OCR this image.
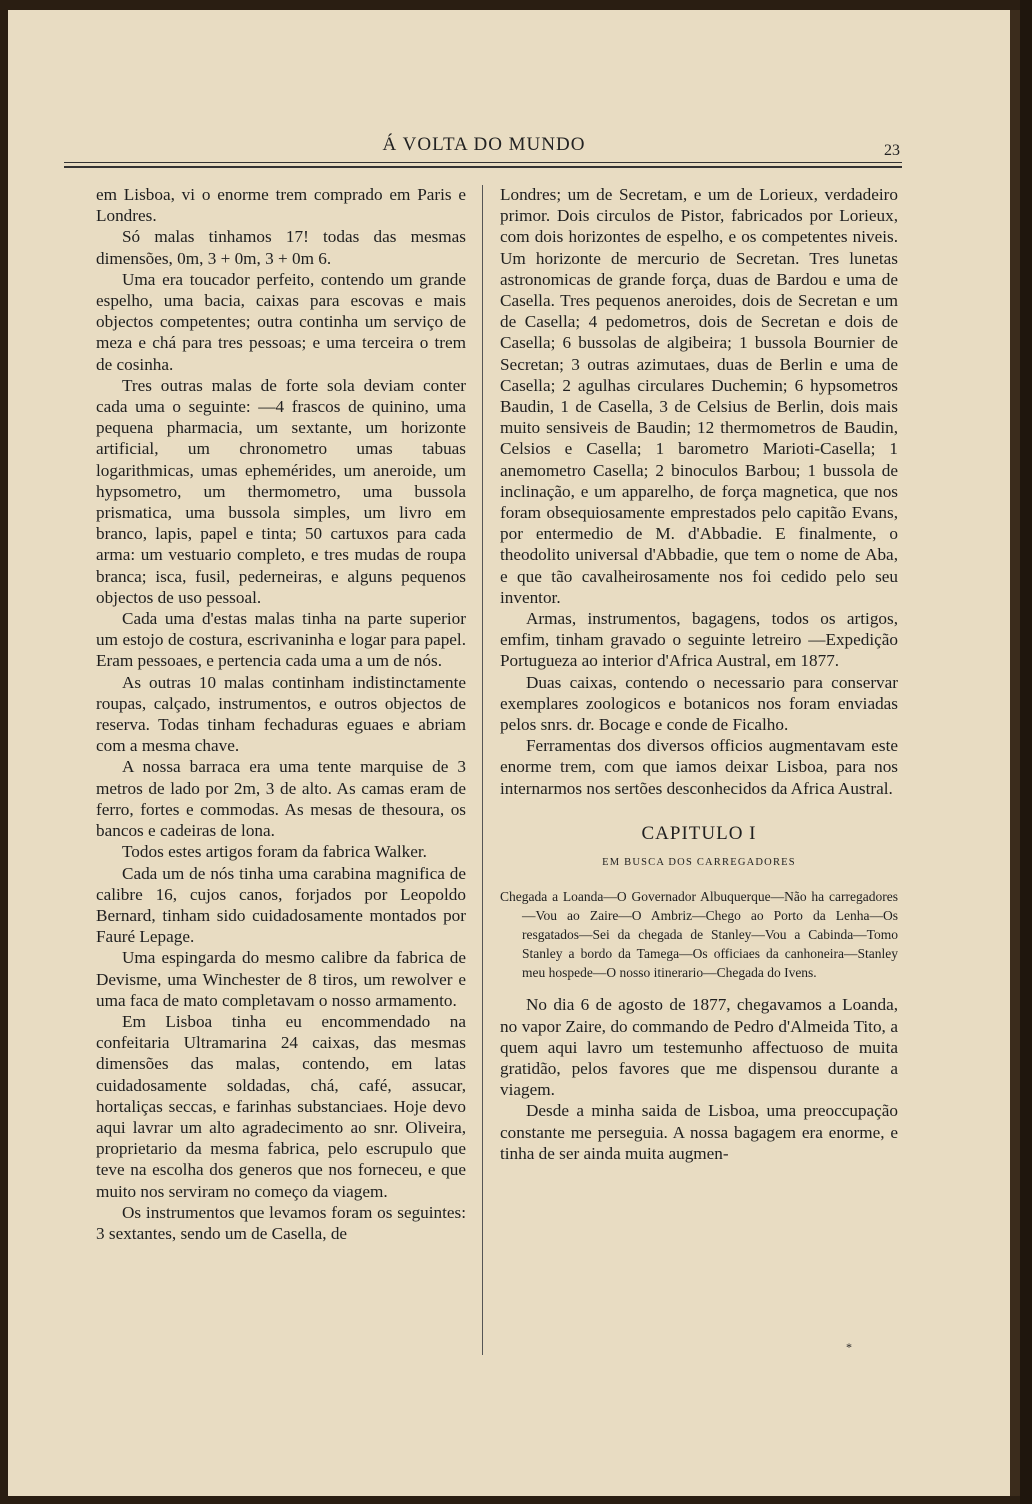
Á VOLTA DO MUNDO	23

em Lisboa, vi o enorme trem comprado em Paris e Londres.

Só malas tinhamos 17! todas das mesmas dimensões, 0m, 3 + 0m, 3 + 0m 6.

Uma era toucador perfeito, contendo um grande espelho, uma bacia, caixas para escovas e mais objectos competentes; outra continha um serviço de meza e chá para tres pessoas; e uma terceira o trem de cosinha.

Tres outras malas de forte sola deviam conter cada uma o seguinte: —4 frascos de quinino, uma pequena pharmacia, um sextante, um horizonte artificial, um chronometro umas tabuas logarithmicas, umas ephemérides, um aneroide, um hypsometro, um thermometro, uma bussola prismatica, uma bussola simples, um livro em branco, lapis, papel e tinta; 50 cartuxos para cada arma: um vestuario completo, e tres mudas de roupa branca; isca, fusil, pederneiras, e alguns pequenos objectos de uso pessoal.

Cada uma d'estas malas tinha na parte superior um estojo de costura, escrivaninha e logar para papel. Eram pessoaes, e pertencia cada uma a um de nós.

As outras 10 malas continham indistinctamente roupas, calçado, instrumentos, e outros objectos de reserva. Todas tinham fechaduras eguaes e abriam com a mesma chave.

A nossa barraca era uma tente marquise de 3 metros de lado por 2m, 3 de alto. As camas eram de ferro, fortes e commodas. As mesas de thesoura, os bancos e cadeiras de lona.

Todos estes artigos foram da fabrica Walker.

Cada um de nós tinha uma carabina magnifica de calibre 16, cujos canos, forjados por Leopoldo Bernard, tinham sido cuidadosamente montados por Fauré Lepage.

Uma espingarda do mesmo calibre da fabrica de Devisme, uma Winchester de 8 tiros, um rewolver e uma faca de mato completavam o nosso armamento.

Em Lisboa tinha eu encommendado na confeitaria Ultramarina 24 caixas, das mesmas dimensões das malas, contendo, em latas cuidadosamente soldadas, chá, café, assucar, hortaliças seccas, e farinhas substanciaes. Hoje devo aqui lavrar um alto agradecimento ao snr. Oliveira, proprietario da mesma fabrica, pelo escrupulo que teve na escolha dos generos que nos forneceu, e que muito nos serviram no começo da viagem.

Os instrumentos que levamos foram os seguintes: 3 sextantes, sendo um de Casella, de

Londres; um de Secretam, e um de Lorieux, verdadeiro primor. Dois circulos de Pistor, fabricados por Lorieux, com dois horizontes de espelho, e os competentes niveis. Um horizonte de mercurio de Secretan. Tres lunetas astronomicas de grande força, duas de Bardou e uma de Casella. Tres pequenos aneroides, dois de Secretan e um de Casella; 4 pedometros, dois de Secretan e dois de Casella; 6 bussolas de algibeira; 1 bussola Bournier de Secretan; 3 outras azimutaes, duas de Berlin e uma de Casella; 2 agulhas circulares Duchemin; 6 hypsometros Baudin, 1 de Casella, 3 de Celsius de Berlin, dois mais muito sensiveis de Baudin; 12 thermometros de Baudin, Celsios e Casella; 1 barometro Marioti-Casella; 1 anemometro Casella; 2 binoculos Barbou; 1 bussola de inclinação, e um apparelho, de força magnetica, que nos foram obsequiosamente emprestados pelo capitão Evans, por entermedio de M. d'Abbadie. E finalmente, o theodolito universal d'Abbadie, que tem o nome de Aba, e que tão cavalheirosamente nos foi cedido pelo seu inventor.

Armas, instrumentos, bagagens, todos os artigos, emfim, tinham gravado o seguinte letreiro —Expedição Portugueza ao interior d'Africa Austral, em 1877.

Duas caixas, contendo o necessario para conservar exemplares zoologicos e botanicos nos foram enviadas pelos snrs. dr. Bocage e conde de Ficalho.

Ferramentas dos diversos officios augmentavam este enorme trem, com que iamos deixar Lisboa, para nos internarmos nos sertões desconhecidos da Africa Austral.

CAPITULO I
EM BUSCA DOS CARREGADORES

Chegada a Loanda—O Governador Albuquerque—Não ha carregadores—Vou ao Zaire—O Ambriz—Chego ao Porto da Lenha—Os resgatados—Sei da chegada de Stanley—Vou a Cabinda—Tomo Stanley a bordo da Tamega—Os officiaes da canhoneira—Stanley meu hospede—O nosso itinerario—Chegada do Ivens.

No dia 6 de agosto de 1877, chegavamos a Loanda, no vapor Zaire, do commando de Pedro d'Almeida Tito, a quem aqui lavro um testemunho affectuoso de muita gratidão, pelos favores que me dispensou durante a viagem.

Desde a minha saida de Lisboa, uma preoccupação constante me perseguia. A nossa bagagem era enorme, e tinha de ser ainda muita augmen-

*
